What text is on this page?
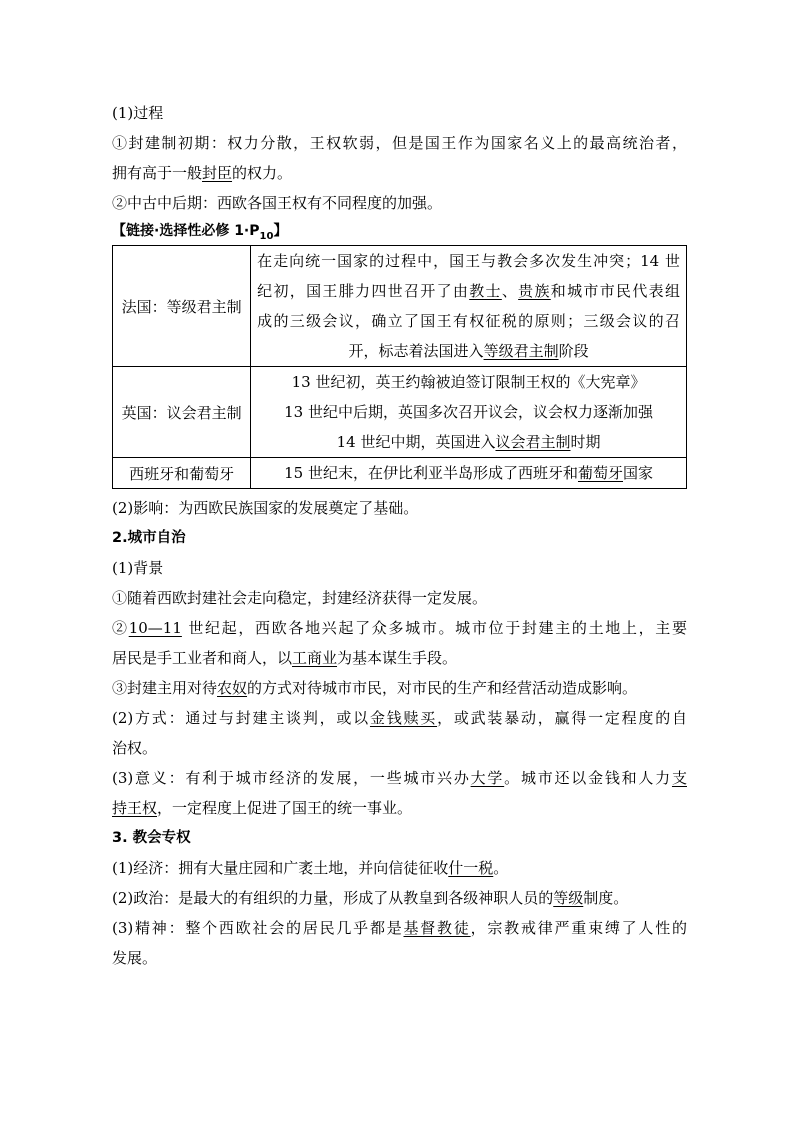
(1)过程
①封建制初期：权力分散，王权软弱，但是国王作为国家名义上的最高统治者，
拥有高于一般封臣的权力。
②中古中后期：西欧各国王权有不同程度的加强。
【链接·选择性必修 $1\cdot P_{10}$】
法国：等级君主制	在走向统一国家的过程中，国王与教会多次发生冲突；14 世
纪初，国王腓力四世召开了由教士、贵族和城市市民代表组
成的三级会议，确立了国王有权征税的原则；三级会议的召
开，标志着法国进入等级君主制阶段

英国：议会君主制	13 世纪初，英王约翰被迫签订限制王权的《大宪章》
13 世纪中后期，英国多次召开议会，议会权力逐渐加强
14 世纪中期，英国进入议会君主制时期

西班牙和葡萄牙	15 世纪末，在伊比利亚半岛形成了西班牙和葡萄牙国家
(2)影响：为西欧民族国家的发展奠定了基础。
2.城市自治
(1)背景
①随着西欧封建社会走向稳定，封建经济获得一定发展。
②10—11 世纪起，西欧各地兴起了众多城市。城市位于封建主的土地上，主要
居民是手工业者和商人，以工商业为基本谋生手段。
③封建主用对待农奴的方式对待城市市民，对市民的生产和经营活动造成影响。
(2)方式：通过与封建主谈判，或以金钱赎买，或武装暴动，赢得一定程度的自
治权。
(3)意义：有利于城市经济的发展，一些城市兴办大学。城市还以金钱和人力支
持王权，一定程度上促进了国王的统一事业。
3. 教会专权
(1)经济：拥有大量庄园和广袤土地，并向信徒征收什一税。
(2)政治：是最大的有组织的力量，形成了从教皇到各级神职人员的等级制度。
(3)精神：整个西欧社会的居民几乎都是基督教徒，宗教戒律严重束缚了人性的
发展。
